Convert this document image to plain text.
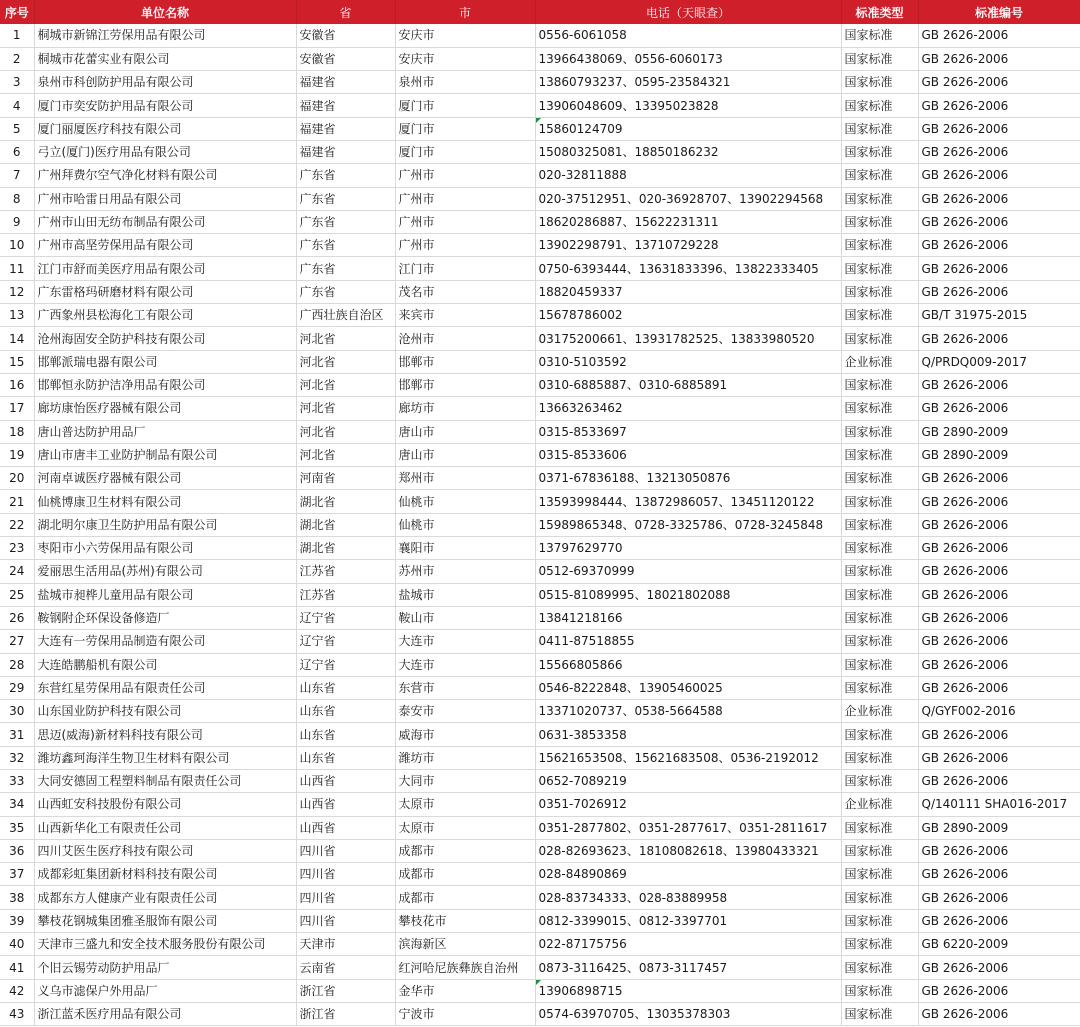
序号	单位名称	省	市	电话（天眼查）	标准类型	标准编号
1	桐城市新锦江劳保用品有限公司	安徽省	安庆市	0556-6061058	国家标准	GB 2626-2006
2	桐城市花蕾实业有限公司	安徽省	安庆市	13966438069、0556-6060173	国家标准	GB 2626-2006
3	泉州市科创防护用品有限公司	福建省	泉州市	13860793237、0595-23584321	国家标准	GB 2626-2006
4	厦门市奕安防护用品有限公司	福建省	厦门市	13906048609、13395023828	国家标准	GB 2626-2006
5	厦门丽厦医疗科技有限公司	福建省	厦门市	15860124709	国家标准	GB 2626-2006
6	弓立(厦门)医疗用品有限公司	福建省	厦门市	15080325081、18850186232	国家标准	GB 2626-2006
7	广州拜费尔空气净化材料有限公司	广东省	广州市	020-32811888	国家标准	GB 2626-2006
8	广州市哈雷日用品有限公司	广东省	广州市	020-37512951、020-36928707、13902294568	国家标准	GB 2626-2006
9	广州市山田无纺布制品有限公司	广东省	广州市	18620286887、15622231311	国家标准	GB 2626-2006
10	广州市高坚劳保用品有限公司	广东省	广州市	13902298791、13710729228	国家标准	GB 2626-2006
11	江门市舒而美医疗用品有限公司	广东省	江门市	0750-6393444、13631833396、13822333405	国家标准	GB 2626-2006
12	广东雷格玛研磨材料有限公司	广东省	茂名市	18820459337	国家标准	GB 2626-2006
13	广西象州县松海化工有限公司	广西壮族自治区	来宾市	15678786002	国家标准	GB/T 31975-2015
14	沧州海固安全防护科技有限公司	河北省	沧州市	03175200661、13931782525、13833980520	国家标准	GB 2626-2006
15	邯郸派瑞电器有限公司	河北省	邯郸市	0310-5103592	企业标准	Q/PRDQ009-2017
16	邯郸恒永防护洁净用品有限公司	河北省	邯郸市	0310-6885887、0310-6885891	国家标准	GB 2626-2006
17	廊坊康怡医疗器械有限公司	河北省	廊坊市	13663263462	国家标准	GB 2626-2006
18	唐山普达防护用品厂	河北省	唐山市	0315-8533697	国家标准	GB 2890-2009
19	唐山市唐丰工业防护制品有限公司	河北省	唐山市	0315-8533606	国家标准	GB 2890-2009
20	河南卓诚医疗器械有限公司	河南省	郑州市	0371-67836188、13213050876	国家标准	GB 2626-2006
21	仙桃博康卫生材料有限公司	湖北省	仙桃市	13593998444、13872986057、13451120122	国家标准	GB 2626-2006
22	湖北明尔康卫生防护用品有限公司	湖北省	仙桃市	15989865348、0728-3325786、0728-3245848	国家标准	GB 2626-2006
23	枣阳市小六劳保用品有限公司	湖北省	襄阳市	13797629770	国家标准	GB 2626-2006
24	爱丽思生活用品(苏州)有限公司	江苏省	苏州市	0512-69370999	国家标准	GB 2626-2006
25	盐城市昶桦儿童用品有限公司	江苏省	盐城市	0515-81089995、18021802088	国家标准	GB 2626-2006
26	鞍钢附企环保设备修造厂	辽宁省	鞍山市	13841218166	国家标准	GB 2626-2006
27	大连有一劳保用品制造有限公司	辽宁省	大连市	0411-87518855	国家标准	GB 2626-2006
28	大连皓鹏船机有限公司	辽宁省	大连市	15566805866	国家标准	GB 2626-2006
29	东营红星劳保用品有限责任公司	山东省	东营市	0546-8222848、13905460025	国家标准	GB 2626-2006
30	山东国业防护科技有限公司	山东省	泰安市	13371020737、0538-5664588	企业标准	Q/GYF002-2016
31	思迈(威海)新材料科技有限公司	山东省	威海市	0631-3853358	国家标准	GB 2626-2006
32	潍坊鑫珂海洋生物卫生材料有限公司	山东省	潍坊市	15621653508、15621683508、0536-2192012	国家标准	GB 2626-2006
33	大同安德固工程塑料制品有限责任公司	山西省	大同市	0652-7089219	国家标准	GB 2626-2006
34	山西虹安科技股份有限公司	山西省	太原市	0351-7026912	企业标准	Q/140111 SHA016-2017
35	山西新华化工有限责任公司	山西省	太原市	0351-2877802、0351-2877617、0351-2811617	国家标准	GB 2890-2009
36	四川艾医生医疗科技有限公司	四川省	成都市	028-82693623、18108082618、13980433321	国家标准	GB 2626-2006
37	成都彩虹集团新材料科技有限公司	四川省	成都市	028-84890869	国家标准	GB 2626-2006
38	成都东方人健康产业有限责任公司	四川省	成都市	028-83734333、028-83889958	国家标准	GB 2626-2006
39	攀枝花钢城集团雅圣服饰有限公司	四川省	攀枝花市	0812-3399015、0812-3397701	国家标准	GB 2626-2006
40	天津市三盛九和安全技术服务股份有限公司	天津市	滨海新区	022-87175756	国家标准	GB 6220-2009
41	个旧云锡劳动防护用品厂	云南省	红河哈尼族彝族自治州	0873-3116425、0873-3117457	国家标准	GB 2626-2006
42	义乌市滤保户外用品厂	浙江省	金华市	13906898715	国家标准	GB 2626-2006
43	浙江蓝禾医疗用品有限公司	浙江省	宁波市	0574-63970705、13035378303	国家标准	GB 2626-2006
